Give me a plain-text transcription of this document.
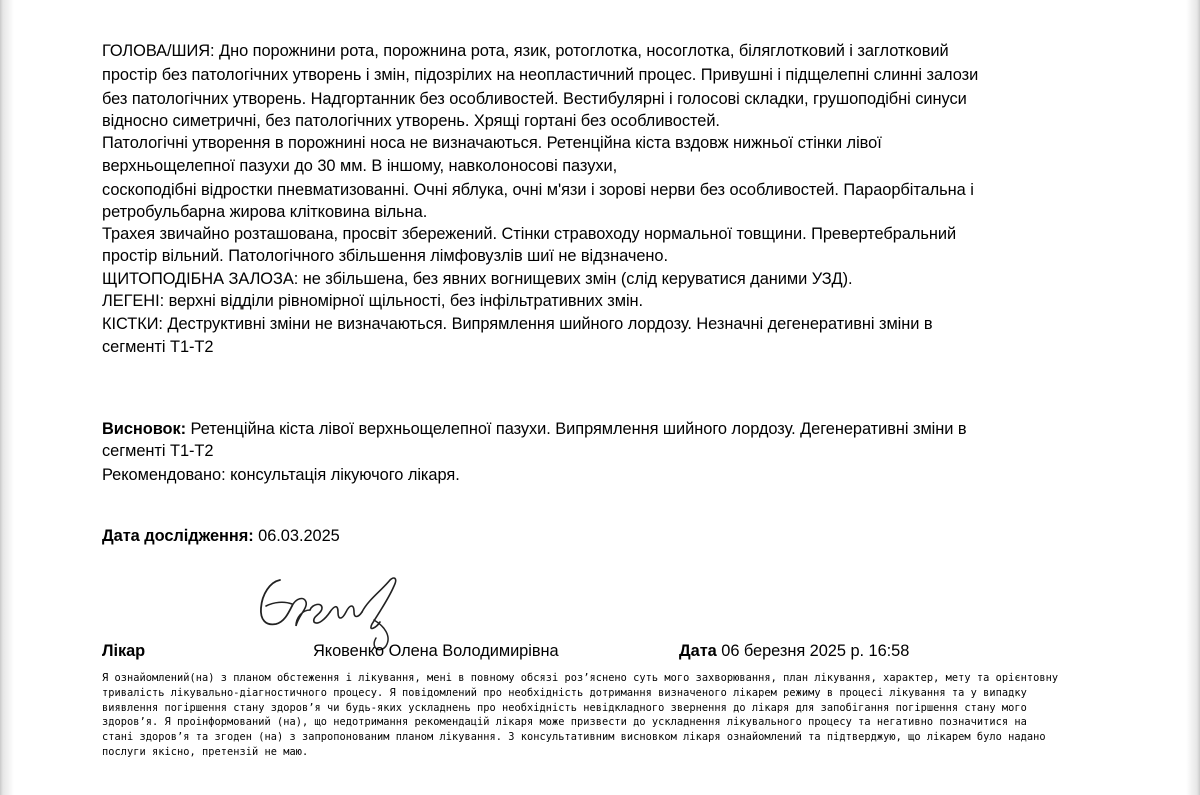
ГОЛОВА/ШИЯ: Дно порожнини рота, порожнина рота, язик, ротоглотка, носоглотка, біляглотковий і заглотковий
простір без патологічних утворень і змін, підозрілих на неопластичний процес. Привушні і підщелепні слинні залози
без патологічних утворень. Надгортанник без особливостей. Вестибулярні і голосові складки, грушоподібні синуси
відносно симетричні, без патологічних утворень. Хрящі гортані без особливостей.
Патологічні утворення в порожнині носа не визначаються. Ретенційна кіста вздовж нижньої стінки лівої
верхньощелепної пазухи до 30 мм. В іншому, навколоносові пазухи,
соскоподібні відростки пневматизованні. Очні яблука, очні м'язи і зорові нерви без особливостей. Параорбітальна і
ретробульбарна жирова клітковина вільна.
Трахея звичайно розташована, просвіт збережений. Стінки стравоходу нормальної товщини. Превертебральний
простір вільний. Патологічного збільшення лімфовузлів шиї не відзначено.
ЩИТОПОДІБНА ЗАЛОЗА: не збільшена, без явних вогнищевих змін (слід керуватися даними УЗД).
ЛЕГЕНІ: верхні відділи рівномірної щільності, без інфільтративних змін.
КІСТКИ: Деструктивні зміни не визначаються. Випрямлення шийного лордозу. Незначні дегенеративні зміни в
сегменті Т1-Т2
Висновок: Ретенційна кіста лівої верхньощелепної пазухи. Випрямлення шийного лордозу. Дегенеративні зміни в
сегменті Т1-Т2
Рекомендовано: консультація лікуючого лікаря.
Дата дослідження: 06.03.2025
Лікар	Яковенко Олена Володимирівна	Дата 06 березня 2025 р. 16:58
Я ознайомлений(на) з планом обстеження і лікування, мені в повному обсязі роз’яснено суть мого захворювання, план лікування, характер, мету та орієнтовну
тривалість лікувально-діагностичного процесу. Я повідомлений про необхідність дотримання визначеного лікарем режиму в процесі лікування та у випадку
виявлення погіршення стану здоров’я чи будь-яких ускладнень про необхідність невідкладного звернення до лікаря для запобігання погіршення стану мого
здоров’я. Я проінформований (на), що недотримання рекомендацій лікаря може призвести до ускладнення лікувального процесу та негативно позначитися на
стані здоров’я та згоден (на) з запропонованим планом лікування. З консультативним висновком лікаря ознайомлений та підтверджую, що лікарем було надано
послуги якісно, претензій не маю.
